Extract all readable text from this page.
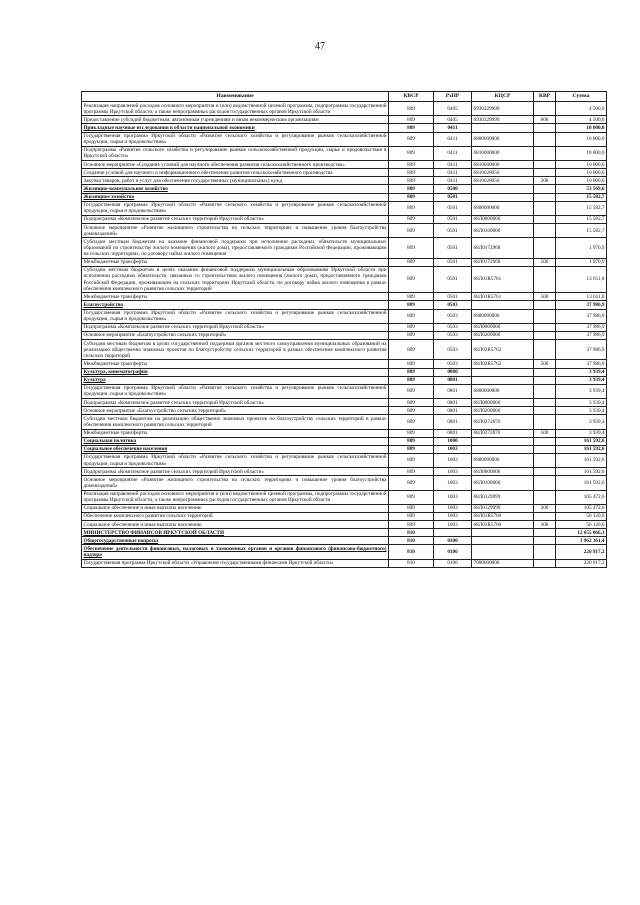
47
Наименование	КВСР	РзПР	КЦСР	КВР	Сумма
Реализация направлений расходов основного мероприятия и (или) ведомственной целевой программы, подпрограммы государственной программы Иркутской области, а также непрограммных расходов государственных органов Иркутской области	809	0405	6930329999		4 500,0
Предоставление субсидий бюджетным, автономным учреждениям и иным некоммерческим организациям	809	0405	6930329999	600	4 500,0
Прикладные научные исследования в области национальной экономики	809	0411			10 000,0
Государственная программа Иркутской области «Развитие сельского хозяйства и регулирование рынков сельскохозяйственной продукции, сырья и продовольствия»	809	0411	6800000000		10 000,0
Подпрограмма «Развитие сельского хозяйства и регулирование рынков сельскохозяйственной продукции, сырья и продовольствия в Иркутской области»	809	0411	6810000000		10 000,0
Основное мероприятие «Создание условий для научного обеспечения развития сельскохозяйственного производства»	809	0411	6810600000		10 000,0
Создание условий для научного и информационного обеспечения развития сельскохозяйственного производства	809	0411	6810628050		10 000,0
Закупка товаров, работ и услуг для обеспечения государственных (муниципальных) нужд	809	0411	6810628050	200	10 000,0
Жилищно-коммунальное хозяйство	809	0500			53 569,6
Жилищное хозяйство	809	0501			15 582,7
Государственная программа Иркутской области «Развитие сельского хозяйства и регулирование рынков сельскохозяйственной продукции, сырья и продовольствия»	809	0501	6800000000		15 582,7
Подпрограмма «Комплексное развитие сельских территорий Иркутской области»	809	0501	68Л0000000		15 582,7
Основное мероприятие «Развитие жилищного строительства на сельских территориях и повышение уровня благоустройства домовладений»	809	0501	68Л0100000		15 582,7
Субсидии местным бюджетам на оказание финансовой поддержки при исполнении расходных обязательств муниципальных образований по строительству жилого помещения (жилого дома), предоставляемого гражданам Российской Федерации, проживающим на сельских территориях, по договору найма жилого помещения	809	0501	68Л0172968		1 970,9
Межбюджетные трансферты	809	0501	68Л0172968	500	1 970,9
Субсидии местным бюджетам в целях оказания финансовой поддержки муниципальным образованиям Иркутской области при исполнении расходных обязательств, связанных со строительством жилого помещения (жилого дома), предоставляемого гражданам Российской Федерации, проживающим на сельских территориях Иркутской области, по договору найма жилого помещения в рамках обеспечения комплексного развития сельских территорий	809	0501	68Л01R5761		13 611,8
Межбюджетные трансферты	809	0501	68Л01R5761	500	13 611,8
Благоустройство	809	0503			37 986,9
Государственная программа Иркутской области «Развитие сельского хозяйства и регулирование рынков сельскохозяйственной продукции, сырья и продовольствия»	809	0503	6800000000		37 986,9
Подпрограмма «Комплексное развитие сельских территорий Иркутской области»	809	0503	68Л0000000		37 986,9
Основное мероприятие «Благоустройство сельских территорий»	809	0503	68Л0200000		37 986,9
Субсидии местным бюджетам в целях государственной поддержки органов местного самоуправления муниципальных образований на реализацию общественно значимых проектов по благоустройству сельских территорий в рамках обеспечения комплексного развития сельских территорий	809	0503	68Л02R5762		37 986,9
Межбюджетные трансферты	809	0503	68Л02R5762	500	37 986,9
Культура, кинематография	809	0800			3 939,4
Культура	809	0801			3 939,4
Государственная программа Иркутской области «Развитие сельского хозяйства и регулирование рынков сельскохозяйственной продукции, сырья и продовольствия»	809	0801	6800000000		3 939,4
Подпрограмма «Комплексное развитие сельских территорий Иркутской области»	809	0801	68Л0000000		3 939,4
Основное мероприятие «Благоустройство сельских территорий»	809	0801	68Л0200000		3 939,4
Субсидии местным бюджетам на реализацию общественно значимых проектов по благоустройству сельских территорий в рамках обеспечения комплексного развития сельских территорий	809	0801	68Л0272870		3 939,4
Межбюджетные трансферты	809	0801	68Л0272870	500	3 939,4
Социальная политика	809	1000			161 592,6
Социальное обеспечение населения	809	1003			161 592,6
Государственная программа Иркутской области «Развитие сельского хозяйства и регулирование рынков сельскохозяйственной продукции, сырья и продовольствия»	809	1003	6800000000		161 592,6
Подпрограмма «Комплексное развитие сельских территорий Иркутской области»	809	1003	68Л0000000		161 592,6
Основное мероприятие «Развитие жилищного строительства на сельских территориях и повышение уровня благоустройства домовладений»	809	1003	68Л0100000		161 592,6
Реализация направлений расходов основного мероприятия и (или) ведомственной целевой программы, подпрограммы государственной программы Иркутской области, а также непрограммных расходов государственных органов Иркутской области	809	1003	68Л0129999		105 472,6
Социальное обеспечение и иные выплаты населению	809	1003	68Л0129999	300	105 472,6
Обеспечение комплексного развития сельских территорий	809	1003	68Л01R5760		56 120,0
Социальное обеспечение и иные выплаты населению	809	1003	68Л01R5760	300	56 120,0
МИНИСТЕРСТВО ФИНАНСОВ ИРКУТСКОЙ ОБЛАСТИ	810				12 655 066,3
Общегосударственные вопросы	810	0100			3 962 361,4
Обеспечение деятельности финансовых, налоговых и таможенных органов и органов финансового (финансово-бюджетного) надзора	810	0106			220 917,2
Государственная программа Иркутской области «Управление государственными финансами Иркутской области»	810	0106	7000000000		220 917,2
